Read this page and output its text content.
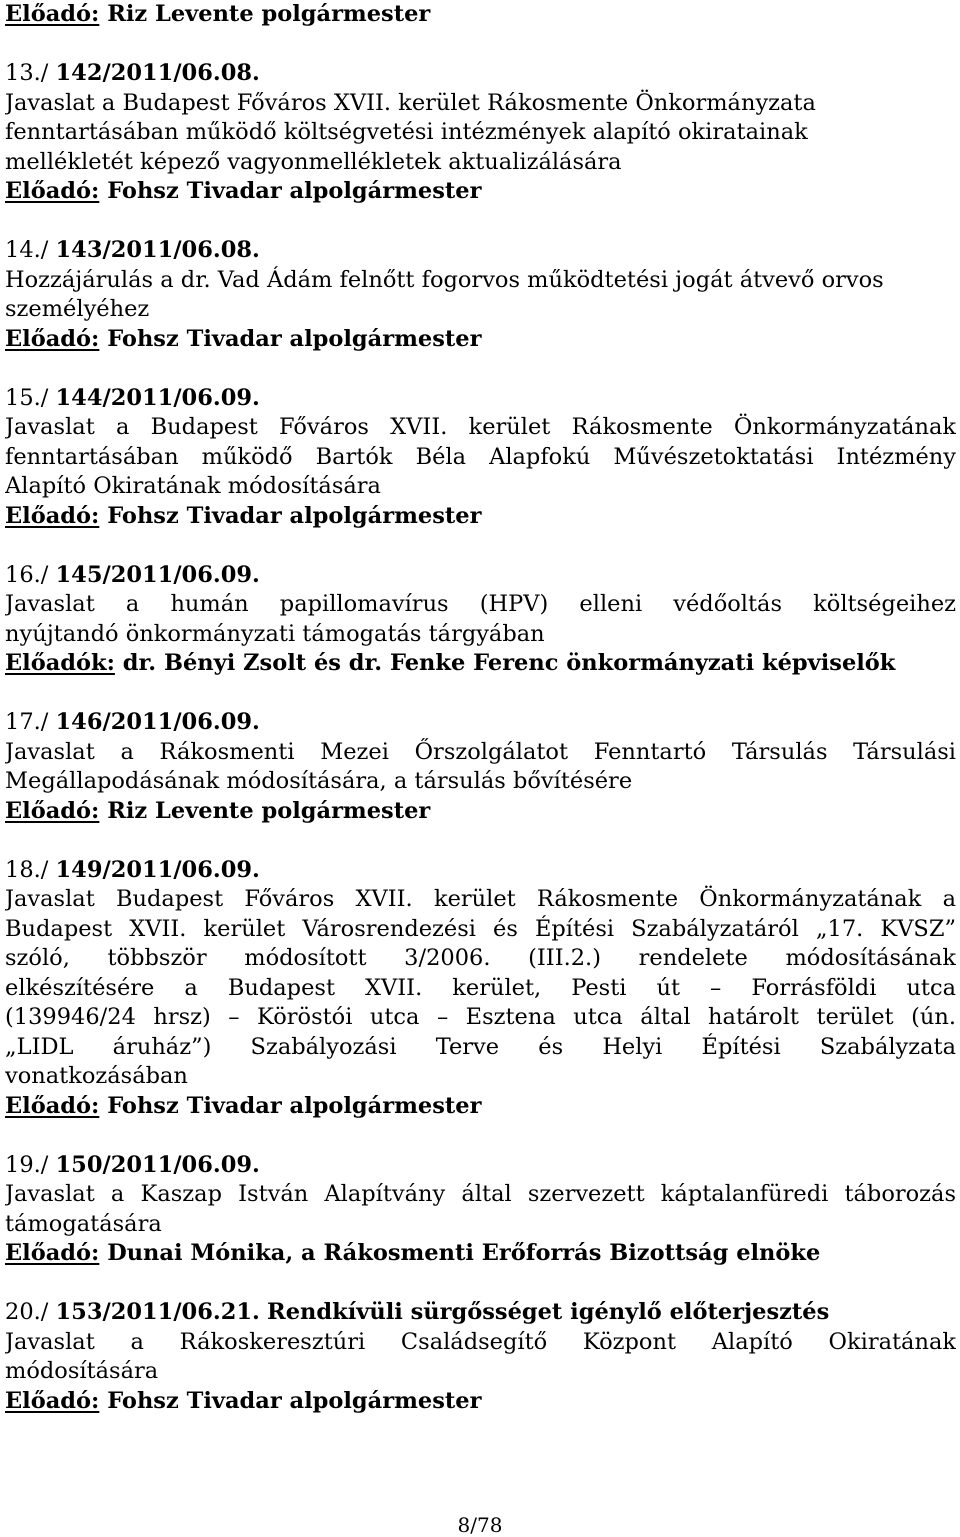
Előadó: Riz Levente polgármester
13./ 142/2011/06.08.
Javaslat a Budapest Főváros XVII. kerület Rákosmente Önkormányzata
fenntartásában működő költségvetési intézmények alapító okiratainak
mellékletét képező vagyonmellékletek aktualizálására
Előadó: Fohsz Tivadar alpolgármester
14./ 143/2011/06.08.
Hozzájárulás a dr. Vad Ádám felnőtt fogorvos működtetési jogát átvevő orvos
személyéhez
Előadó: Fohsz Tivadar alpolgármester
15./ 144/2011/06.09.
Javaslat a Budapest Főváros XVII. kerület Rákosmente Önkormányzatának
fenntartásában működő Bartók Béla Alapfokú Művészetoktatási Intézmény
Alapító Okiratának módosítására
Előadó: Fohsz Tivadar alpolgármester
16./ 145/2011/06.09.
Javaslat a humán papillomavírus (HPV) elleni védőoltás költségeihez
nyújtandó önkormányzati támogatás tárgyában
Előadók: dr. Bényi Zsolt és dr. Fenke Ferenc önkormányzati képviselők
17./ 146/2011/06.09.
Javaslat a Rákosmenti Mezei Őrszolgálatot Fenntartó Társulás Társulási
Megállapodásának módosítására, a társulás bővítésére
Előadó: Riz Levente polgármester
18./ 149/2011/06.09.
Javaslat Budapest Főváros XVII. kerület Rákosmente Önkormányzatának a
Budapest XVII. kerület Városrendezési és Építési Szabályzatáról „17. KVSZ”
szóló, többször módosított 3/2006. (III.2.) rendelete módosításának
elkészítésére a Budapest XVII. kerület, Pesti út – Forrásföldi utca
(139946/24 hrsz) – Köröstói utca – Esztena utca által határolt terület (ún.
„LIDL áruház”) Szabályozási Terve és Helyi Építési Szabályzata
vonatkozásában
Előadó: Fohsz Tivadar alpolgármester
19./ 150/2011/06.09.
Javaslat a Kaszap István Alapítvány által szervezett káptalanfüredi táborozás
támogatására
Előadó: Dunai Mónika, a Rákosmenti Erőforrás Bizottság elnöke
20./ 153/2011/06.21. Rendkívüli sürgősséget igénylő előterjesztés
Javaslat a Rákoskeresztúri Családsegítő Központ Alapító Okiratának
módosítására
Előadó: Fohsz Tivadar alpolgármester
8/78
